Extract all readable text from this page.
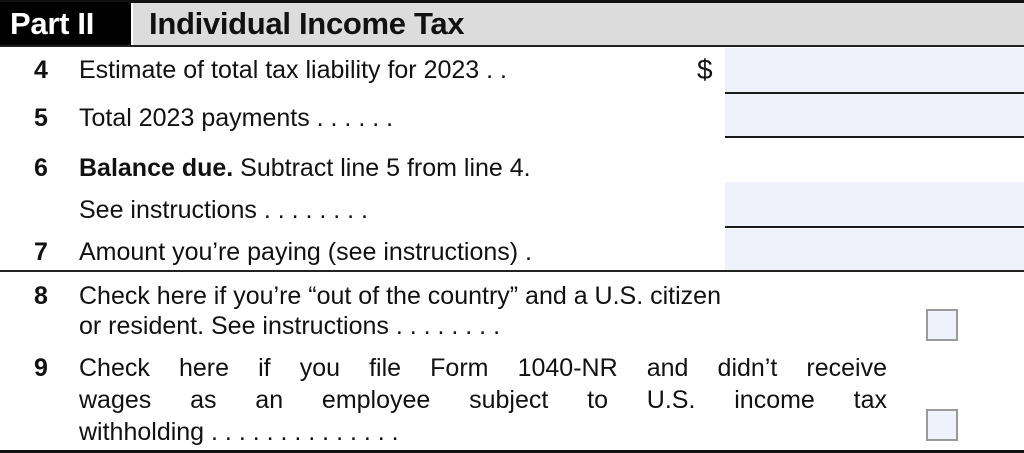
Part II	Individual Income Tax
4	Estimate of total tax liability for 2023 . .	$
5	Total 2023 payments . . . . . .
6	Balance due. Subtract line 5 from line 4.
See instructions . . . . . . . .
7	Amount you’re paying (see instructions) .
8	Check here if you’re “out of the country” and a U.S. citizen
or resident. See instructions . . . . . . . .
9	Check here if you file Form 1040-NR and didn’t receive
wages as an employee subject to U.S. income tax
withholding . . . . . . . . . . . . . .
